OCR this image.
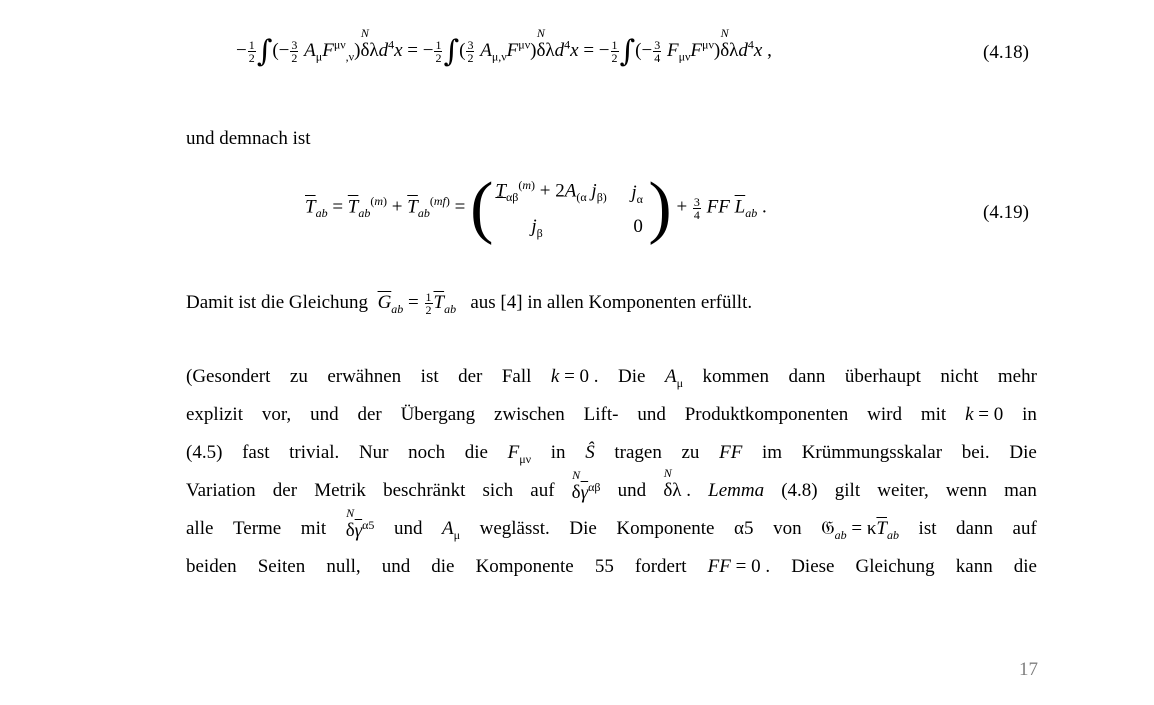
− $\frac{1}{2}$ ∫(− $\frac{3}{2} A_\mu F^{\mu\nu}_{,\nu}$)
N
δλd$^4$x = − $\frac{1}{2}$ ∫( $\frac{3}{2} A_{\mu,\nu}F^{\mu\nu}$)
N
δλd$^4$x = − $\frac{1}{2}$ ∫(− $\frac{3}{4} F_{\mu\nu}F^{\mu\nu}$)
N
δλd$^4$x ,	(4.18)
und demnach ist
$\overline{T}_{ab} = \overline{T}_{ab}^{(m)} + \overline{T}_{ab}^{(mf)}$ = ( $T_{\alpha\beta}^{(m)} + 2A_{(\alpha}$ $j_{\beta)}$ $j_\alpha$
$j_\beta$	0 ) + $\frac{3}{4}$ FF $\overline{L}_{ab}$ .	(4.19)
Damit ist die Gleichung $\overline{G}_{ab} = \frac{1}{2} \overline{T}_{ab}$ aus [4] in allen Komponenten erfüllt.
(Gesondert zu erwähnen ist der Fall k = 0 . Die $A_\mu$ kommen dann überhaupt nicht mehr
explizit vor, und der Übergang zwischen Lift- und Produktkomponenten wird mit k = 0 in
(4.5) fast trivial. Nur noch die $F_{\mu\nu}$ in Ŝ tragen zu FF im Krümmungsskalar bei. Die
Variation der Metrik beschränkt sich auf
N
$\delta\overline{\gamma}^{\alpha\beta}$ und
N
δλ . Lemma (4.8) gilt weiter, wenn man
alle Terme mit
N
$\delta\overline{\gamma}^{\alpha 5}$ und $A_\mu$ weglässt. Die Komponente α5 von 𝔊$_{ab}$ = $\kappa\overline{T}_{ab}$ ist dann auf
beiden Seiten null, und die Komponente 55 fordert FF = 0 . Diese Gleichung kann die
17
